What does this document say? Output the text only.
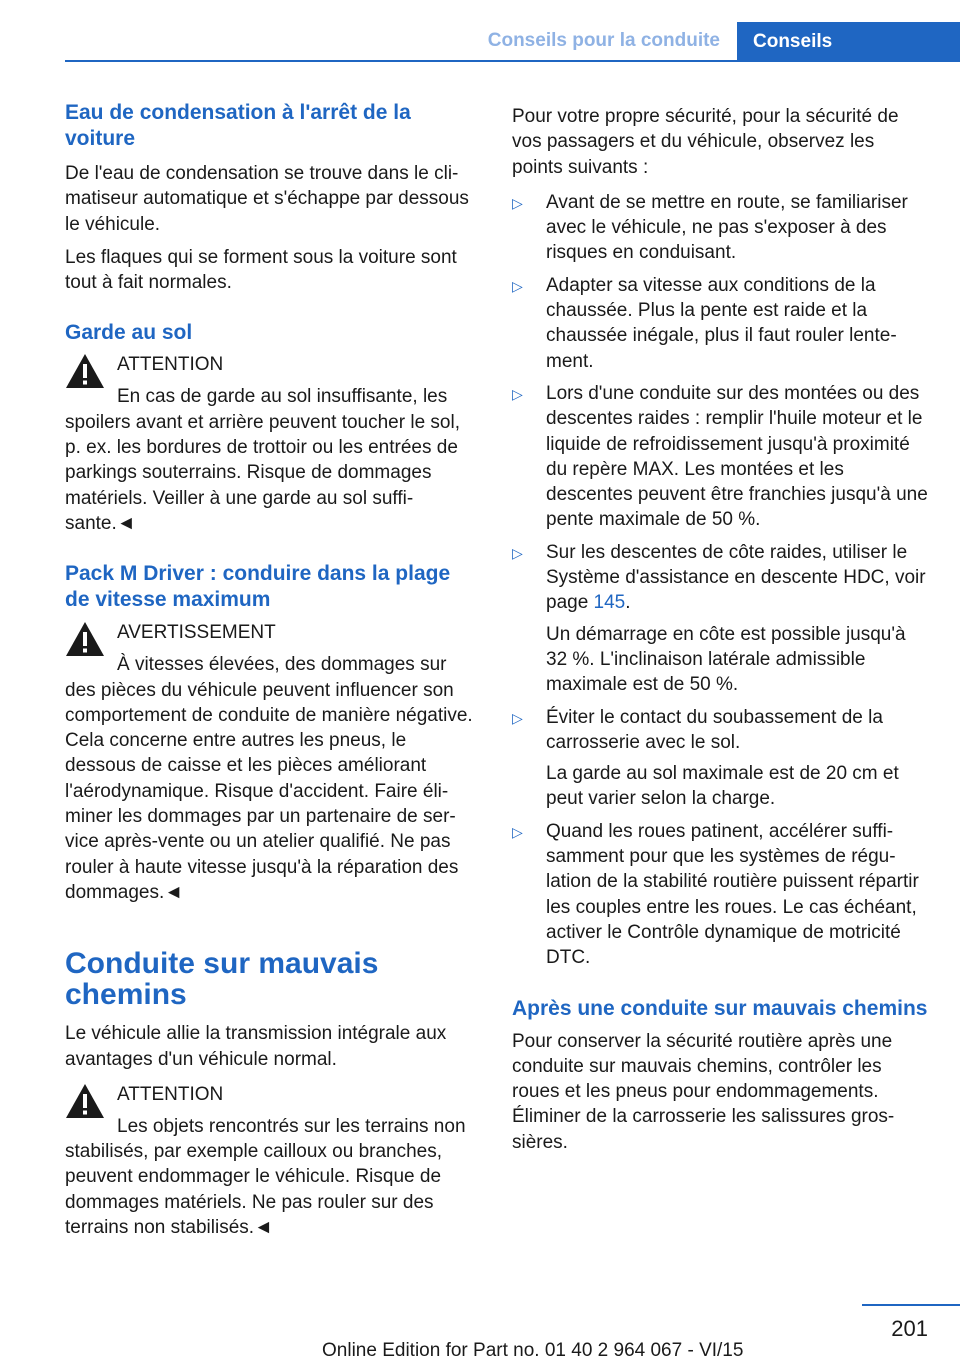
Conseils pour la conduite	Conseils
Eau de condensation à l'arrêt de la voiture

De l'eau de condensation se trouve dans le climatiseur automatique et s'échappe par dessous le véhicule.

Les flaques qui se forment sous la voiture sont tout à fait normales.

Garde au sol
ATTENTION

En cas de garde au sol insuffisante, les spoilers avant et arrière peuvent toucher le sol, p. ex. les bordures de trottoir ou les entrées de parkings souterrains. Risque de dommages matériels. Veiller à une garde au sol suffisante.◄

Pack M Driver : conduire dans la plage de vitesse maximum
AVERTISSEMENT

À vitesses élevées, des dommages sur des pièces du véhicule peuvent influencer son comportement de conduite de manière négative. Cela concerne entre autres les pneus, le dessous de caisse et les pièces améliorant l'aérodynamique. Risque d'accident. Faire éliminer les dommages par un partenaire de service après-vente ou un atelier qualifié. Ne pas rouler à haute vitesse jusqu'à la réparation des dommages.◄

Conduite sur mauvais chemins

Le véhicule allie la transmission intégrale aux avantages d'un véhicule normal.

ATTENTION

Les objets rencontrés sur les terrains non stabilisés, par exemple cailloux ou branches, peuvent endommager le véhicule. Risque de dommages matériels. Ne pas rouler sur des terrains non stabilisés.◄

Pour votre propre sécurité, pour la sécurité de vos passagers et du véhicule, observez les points suivants :

▷ Avant de se mettre en route, se familiariser avec le véhicule, ne pas s'exposer à des risques en conduisant.

▷ Adapter sa vitesse aux conditions de la chaussée. Plus la pente est raide et la chaussée inégale, plus il faut rouler lentement.

▷ Lors d'une conduite sur des montées ou des descentes raides : remplir l'huile moteur et le liquide de refroidissement jusqu'à proximité du repère MAX. Les montées et les descentes peuvent être franchies jusqu'à une pente maximale de 50 %.

▷ Sur les descentes de côte raides, utiliser le Système d'assistance en descente HDC, voir page 145.

Un démarrage en côte est possible jusqu'à 32 %. L'inclinaison latérale admissible maximale est de 50 %.

▷ Éviter le contact du soubassement de la carrosserie avec le sol.

La garde au sol maximale est de 20 cm et peut varier selon la charge.

▷ Quand les roues patinent, accélérer suffisamment pour que les systèmes de régulation de la stabilité routière puissent répartir les couples entre les roues. Le cas échéant, activer le Contrôle dynamique de motricité DTC.

Après une conduite sur mauvais chemins

Pour conserver la sécurité routière après une conduite sur mauvais chemins, contrôler les roues et les pneus pour endommagements. Éliminer de la carrosserie les salissures grossières.

201
Online Edition for Part no. 01 40 2 964 067 - VI/15
